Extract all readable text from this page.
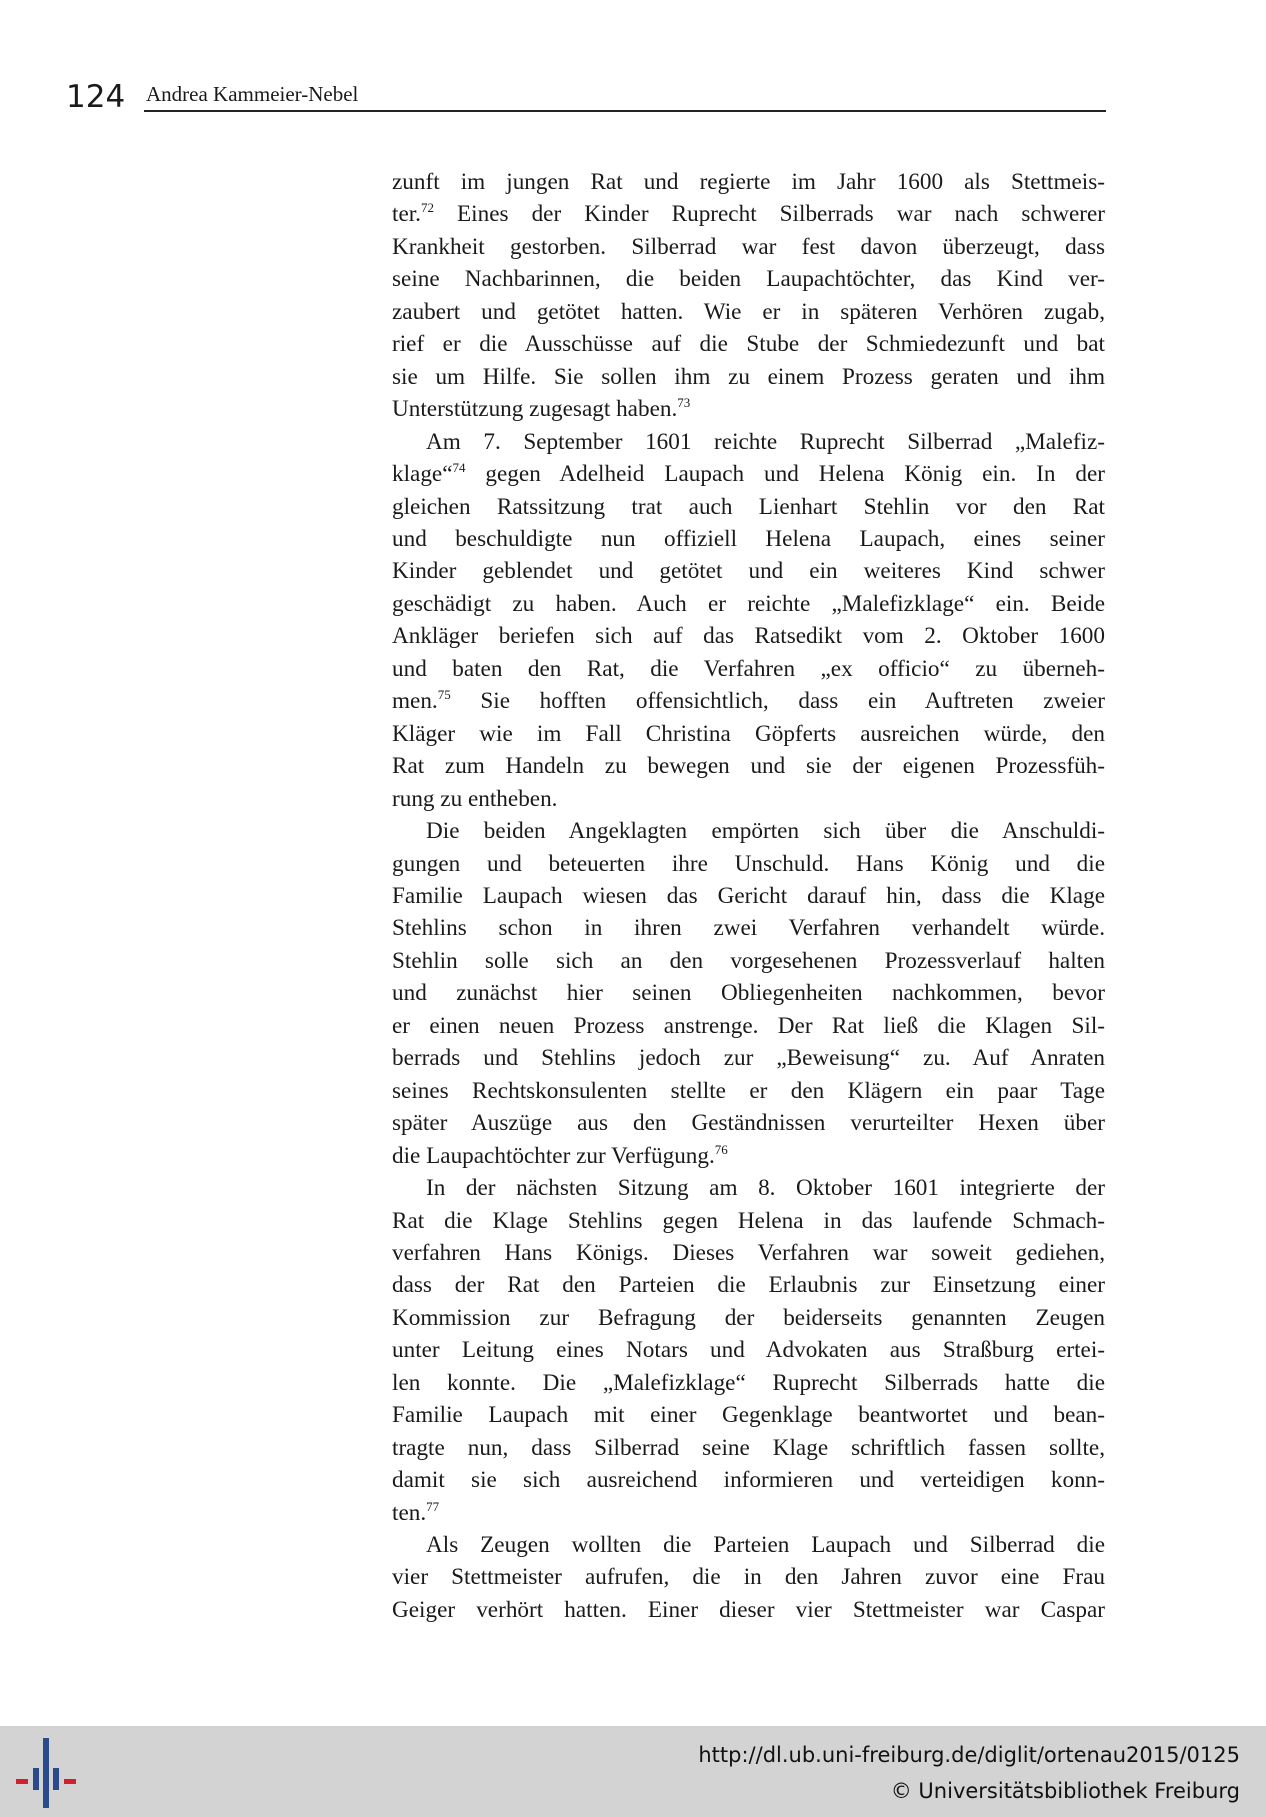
124 Andrea Kammeier-Nebel
zunft im jungen Rat und regierte im Jahr 1600 als Stettmeis-
ter.$^{72}$ Eines der Kinder Ruprecht Silberrads war nach schwerer
Krankheit gestorben. Silberrad war fest davon überzeugt, dass
seine Nachbarinnen, die beiden Laupachtöchter, das Kind ver-
zaubert und getötet hatten. Wie er in späteren Verhören zugab,
rief er die Ausschüsse auf die Stube der Schmiedezunft und bat
sie um Hilfe. Sie sollen ihm zu einem Prozess geraten und ihm
Unterstützung zugesagt haben.$^{73}$
Am 7. September 1601 reichte Ruprecht Silberrad „Malefiz-
klage“$^{74}$ gegen Adelheid Laupach und Helena König ein. In der
gleichen Ratssitzung trat auch Lienhart Stehlin vor den Rat
und beschuldigte nun offiziell Helena Laupach, eines seiner
Kinder geblendet und getötet und ein weiteres Kind schwer
geschädigt zu haben. Auch er reichte „Malefizklage“ ein. Beide
Ankläger beriefen sich auf das Ratsedikt vom 2. Oktober 1600
und baten den Rat, die Verfahren „ex officio“ zu überneh-
men.$^{75}$ Sie hofften offensichtlich, dass ein Auftreten zweier
Kläger wie im Fall Christina Göpferts ausreichen würde, den
Rat zum Handeln zu bewegen und sie der eigenen Prozessfüh-
rung zu entheben.
Die beiden Angeklagten empörten sich über die Anschuldi-
gungen und beteuerten ihre Unschuld. Hans König und die
Familie Laupach wiesen das Gericht darauf hin, dass die Klage
Stehlins schon in ihren zwei Verfahren verhandelt würde.
Stehlin solle sich an den vorgesehenen Prozessverlauf halten
und zunächst hier seinen Obliegenheiten nachkommen, bevor
er einen neuen Prozess anstrenge. Der Rat ließ die Klagen Sil-
berrads und Stehlins jedoch zur „Beweisung“ zu. Auf Anraten
seines Rechtskonsulenten stellte er den Klägern ein paar Tage
später Auszüge aus den Geständnissen verurteilter Hexen über
die Laupachtöchter zur Verfügung.$^{76}$
In der nächsten Sitzung am 8. Oktober 1601 integrierte der
Rat die Klage Stehlins gegen Helena in das laufende Schmach-
verfahren Hans Königs. Dieses Verfahren war soweit gediehen,
dass der Rat den Parteien die Erlaubnis zur Einsetzung einer
Kommission zur Befragung der beiderseits genannten Zeugen
unter Leitung eines Notars und Advokaten aus Straßburg ertei-
len konnte. Die „Malefizklage“ Ruprecht Silberrads hatte die
Familie Laupach mit einer Gegenklage beantwortet und bean-
tragte nun, dass Silberrad seine Klage schriftlich fassen sollte,
damit sie sich ausreichend informieren und verteidigen konn-
ten.$^{77}$
Als Zeugen wollten die Parteien Laupach und Silberrad die
vier Stettmeister aufrufen, die in den Jahren zuvor eine Frau
Geiger verhört hatten. Einer dieser vier Stettmeister war Caspar
http://dl.ub.uni-freiburg.de/diglit/ortenau2015/0125
© Universitätsbibliothek Freiburg
